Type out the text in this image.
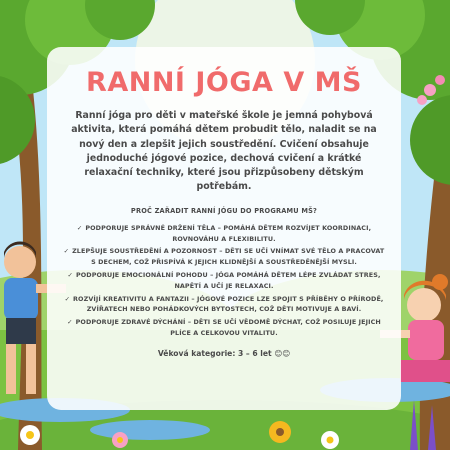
RANNÍ JÓGA V MŠ

Ranní jóga pro děti v mateřské škole je jemná pohybová aktivita, která pomáhá dětem probudit tělo, naladit se na nový den a zlepšit jejich soustředění. Cvičení obsahuje jednoduché jógové pozice, dechová cvičení a krátké relaxační techniky, které jsou přizpůsobeny dětským potřebám.

PROČ ZAŘADIT RANNÍ JÓGU DO PROGRAMU MŠ?

✓ PODPORUJE SPRÁVNÉ DRŽENÍ TĚLA – POMÁHÁ DĚTEM ROZVÍJET KOORDINACI, ROVNOVÁHU A FLEXIBILITU.
✓ ZLEPŠUJE SOUSTŘEDĚNÍ A POZORNOST – DĚTI SE UČÍ VNÍMAT SVÉ TĚLO A PRACOVAT S DECHEM, COŽ PŘISPÍVÁ K JEJICH KLIDNĚJŠÍ A SOUSTŘEDĚNĚJŠÍ MYSLI.
✓ PODPORUJE EMOCIONÁLNÍ POHODU – JÓGA POMÁHÁ DĚTEM LÉPE ZVLÁDAT STRES, NAPĚTÍ A UČÍ JE RELAXACI.
✓ ROZVÍJÍ KREATIVITU A FANTAZII – JÓGOVÉ POZICE LZE SPOJIT S PŘÍBĚHY O PŘÍRODĚ, ZVÍŘATECH NEBO POHÁDKOVÝCH BYTOSTECH, COŽ DĚTI MOTIVUJE A BAVÍ.
✓ PODPORUJE ZDRAVÉ DÝCHÁNÍ – DĚTI SE UČÍ VĚDOMĚ DÝCHAT, COŽ POSILUJE JEJICH PLÍCE A CELKOVOU VITALITU.

Věková kategorie: 3 – 6 let 😊😊
